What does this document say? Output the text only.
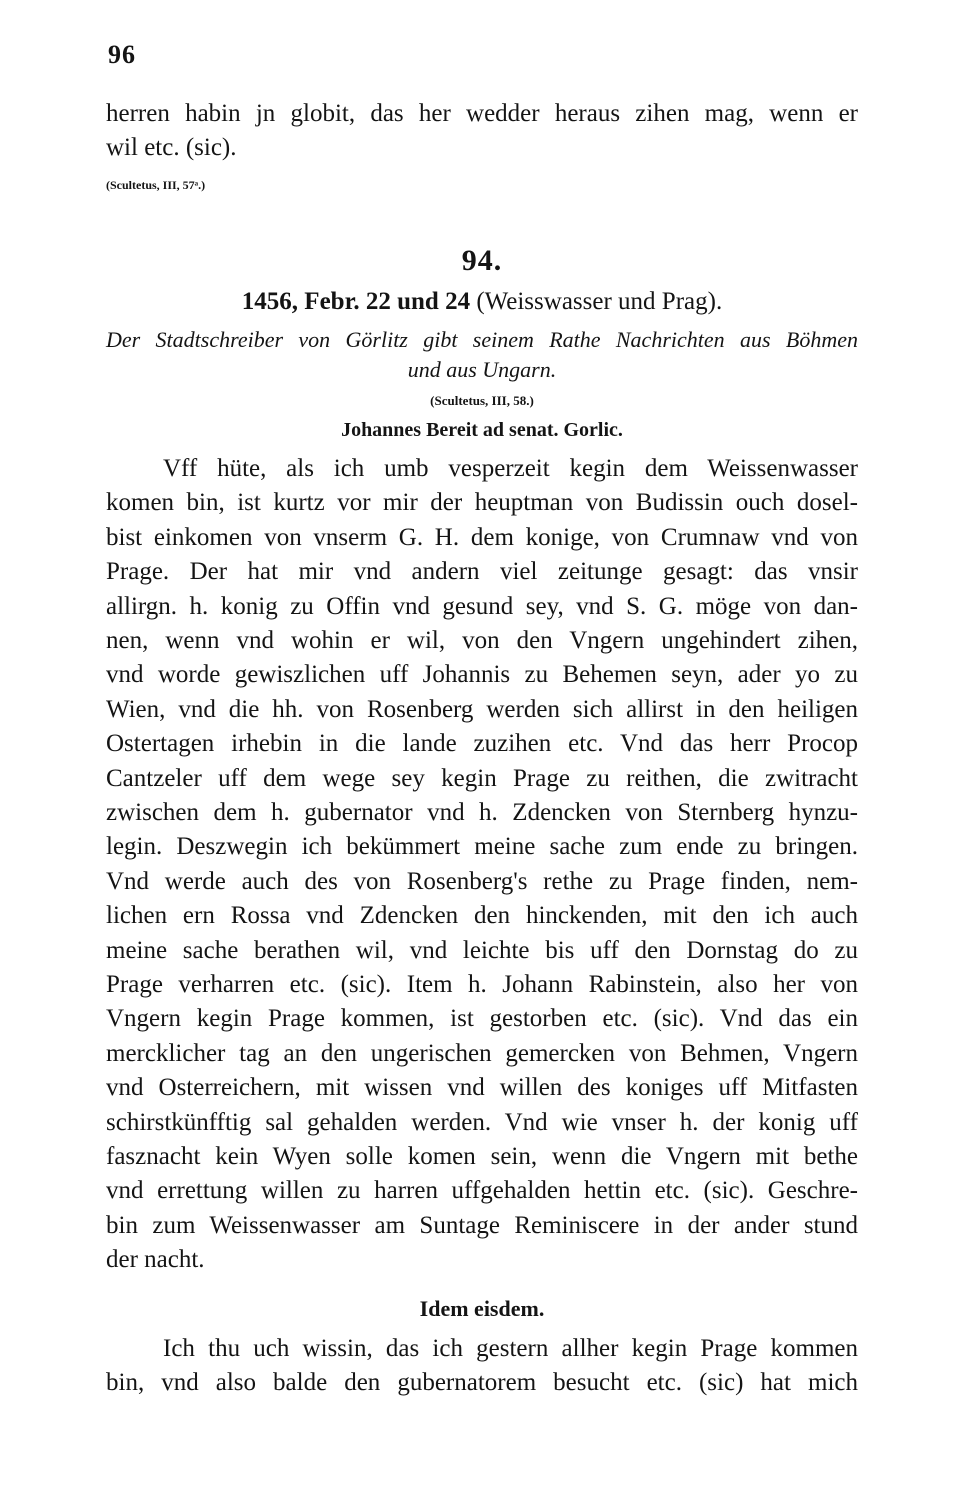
96
herren habin jn globit, das her wedder heraus zihen mag, wenn er
wil etc. (sic).
(Scultetus, III, 57ᵃ.)
94.
1456, Febr. 22 und 24 (Weisswasser und Prag).
Der Stadtschreiber von Görlitz gibt seinem Rathe Nachrichten aus Böhmen
und aus Ungarn.
(Scultetus, III, 58.)
Johannes Bereit ad senat. Gorlic.
Vff hüte, als ich umb vesperzeit kegin dem Weissenwasser
komen bin, ist kurtz vor mir der heuptman von Budissin ouch dosel-
bist einkomen von vnserm G. H. dem konige, von Crumnaw vnd von
Prage. Der hat mir vnd andern viel zeitunge gesagt: das vnsir
allirgn. h. konig zu Offin vnd gesund sey, vnd S. G. möge von dan-
nen, wenn vnd wohin er wil, von den Vngern ungehindert zihen,
vnd worde gewiszlichen uff Johannis zu Behemen seyn, ader yo zu
Wien, vnd die hh. von Rosenberg werden sich allirst in den heiligen
Ostertagen irhebin in die lande zuzihen etc. Vnd das herr Procop
Cantzeler uff dem wege sey kegin Prage zu reithen, die zwitracht
zwischen dem h. gubernator vnd h. Zdencken von Sternberg hynzu-
legin. Deszwegin ich bekümmert meine sache zum ende zu bringen.
Vnd werde auch des von Rosenberg's rethe zu Prage finden, nem-
lichen ern Rossa vnd Zdencken den hinckenden, mit den ich auch
meine sache berathen wil, vnd leichte bis uff den Dornstag do zu
Prage verharren etc. (sic). Item h. Johann Rabinstein, also her von
Vngern kegin Prage kommen, ist gestorben etc. (sic). Vnd das ein
mercklicher tag an den ungerischen gemercken von Behmen, Vngern
vnd Osterreichern, mit wissen vnd willen des koniges uff Mitfasten
schirstkünfftig sal gehalden werden. Vnd wie vnser h. der konig uff
fasznacht kein Wyen solle komen sein, wenn die Vngern mit bethe
vnd errettung willen zu harren uffgehalden hettin etc. (sic). Geschre-
bin zum Weissenwasser am Suntage Reminiscere in der ander stund
der nacht.
Idem eisdem.
Ich thu uch wissin, das ich gestern allher kegin Prage kommen
bin, vnd also balde den gubernatorem besucht etc. (sic) hat mich
